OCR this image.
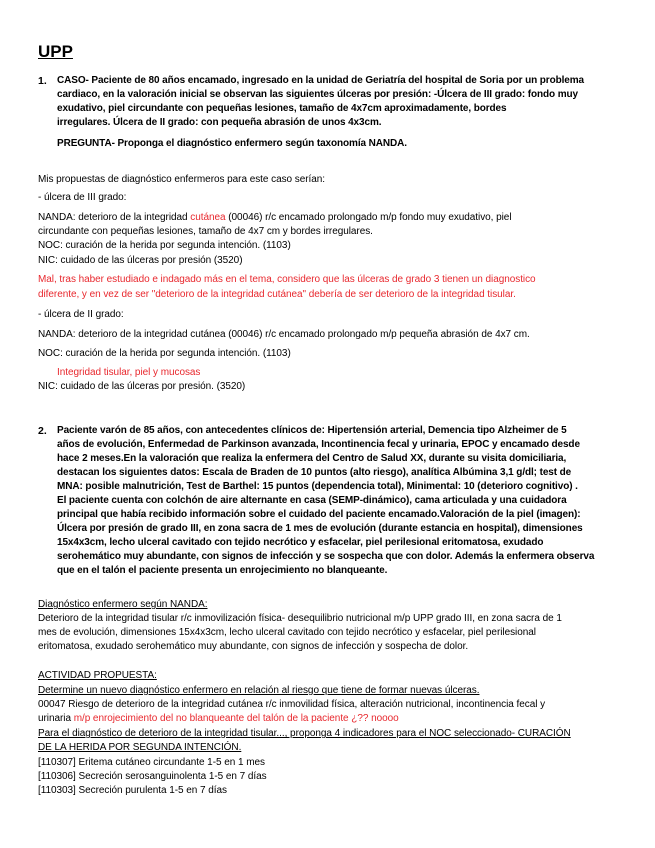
UPP
1. CASO- Paciente de 80 años encamado, ingresado en la unidad de Geriatría del hospital de Soria por un problema
cardiaco, en la valoración inicial se observan las siguientes úlceras por presión: -Úlcera de III grado: fondo muy
exudativo, piel circundante con pequeñas lesiones, tamaño de 4x7cm aproximadamente, bordes
irregulares. Úlcera de II grado: con pequeña abrasión de unos 4x3cm.
PREGUNTA- Proponga el diagnóstico enfermero según taxonomía NANDA.
Mis propuestas de diagnóstico enfermeros para este caso serían:
- úlcera de III grado:
NANDA: deterioro de la integridad cutánea (00046) r/c encamado prolongado m/p fondo muy exudativo, piel
circundante con pequeñas lesiones, tamaño de 4x7 cm y bordes irregulares.
NOC: curación de la herida por segunda intención. (1103)
NIC: cuidado de las úlceras por presión (3520)
Mal, tras haber estudiado e indagado más en el tema, considero que las úlceras de grado 3 tienen un diagnostico
diferente, y en vez de ser "deterioro de la integridad cutánea" debería de ser deterioro de la integridad tisular.
- úlcera de II grado:
NANDA: deterioro de la integridad cutánea (00046) r/c encamado prolongado m/p pequeña abrasión de 4x7 cm.
NOC: curación de la herida por segunda intención. (1103)
Integridad tisular, piel y mucosas
NIC: cuidado de las úlceras por presión. (3520)
2. Paciente varón de 85 años, con antecedentes clínicos de: Hipertensión arterial, Demencia tipo Alzheimer de 5
años de evolución, Enfermedad de Parkinson avanzada, Incontinencia fecal y urinaria, EPOC y encamado desde
hace 2 meses.En la valoración que realiza la enfermera del Centro de Salud XX, durante su visita domiciliaria,
destacan los siguientes datos: Escala de Braden de 10 puntos (alto riesgo), analítica Albúmina 3,1 g/dl; test de
MNA: posible malnutrición, Test de Barthel: 15 puntos (dependencia total), Minimental: 10 (deterioro cognitivo) .
El paciente cuenta con colchón de aire alternante en casa (SEMP-dinámico), cama articulada y una cuidadora
principal que había recibido información sobre el cuidado del paciente encamado.Valoración de la piel (imagen):
Úlcera por presión de grado III, en zona sacra de 1 mes de evolución (durante estancia en hospital), dimensiones
15x4x3cm, lecho ulceral cavitado con tejido necrótico y esfacelar, piel perilesional eritomatosa, exudado
serohemático muy abundante, con signos de infección y se sospecha que con dolor. Además la enfermera observa
que en el talón el paciente presenta un enrojecimiento no blanqueante.
Diagnóstico enfermero según NANDA:
Deterioro de la integridad tisular r/c inmovilización física- desequilibrio nutricional m/p UPP grado III, en zona sacra de 1
mes de evolución, dimensiones 15x4x3cm, lecho ulceral cavitado con tejido necrótico y esfacelar, piel perilesional
eritomatosa, exudado serohemático muy abundante, con signos de infección y sospecha de dolor.
ACTIVIDAD PROPUESTA:
Determine un nuevo diagnóstico enfermero en relación al riesgo que tiene de formar nuevas úlceras.
00047 Riesgo de deterioro de la integridad cutánea r/c inmovilidad física, alteración nutricional, incontinencia fecal y
urinaria m/p enrojecimiento del no blanqueante del talón de la paciente ¿?? noooo
Para el diagnóstico de deterioro de la integridad tisular..., proponga 4 indicadores para el NOC seleccionado- CURACIÓN
DE LA HERIDA POR SEGUNDA INTENCIÓN.
[110307] Eritema cutáneo circundante 1-5 en 1 mes
[110306] Secreción serosanguinolenta 1-5 en 7 días
[110303] Secreción purulenta 1-5 en 7 días
